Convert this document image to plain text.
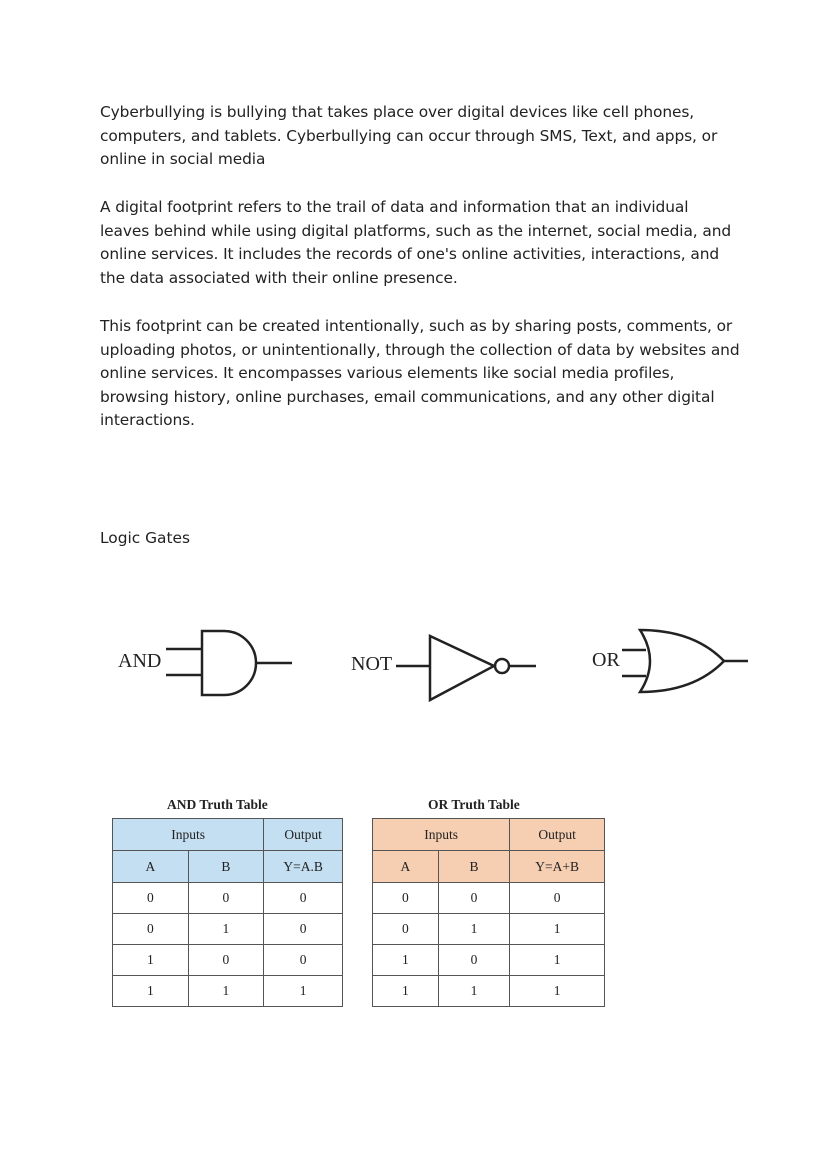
Cyberbullying is bullying that takes place over digital devices like cell phones, computers, and tablets. Cyberbullying can occur through SMS, Text, and apps, or online in social media

A digital footprint refers to the trail of data and information that an individual leaves behind while using digital platforms, such as the internet, social media, and online services. It includes the records of one's online activities, interactions, and the data associated with their online presence.

This footprint can be created intentionally, such as by sharing posts, comments, or uploading photos, or unintentionally, through the collection of data by websites and online services. It encompasses various elements like social media profiles, browsing history, online purchases, email communications, and any other digital interactions.

Logic Gates

AND	NOT	OR
AND Truth Table
Inputs		Output
A	B	Y=A.B
0	0	0
0	1	0
1	0	0
1	1	1
OR Truth Table
Inputs		Output
A	B	Y=A+B
0	0	0
0	1	1
1	0	1
1	1	1
